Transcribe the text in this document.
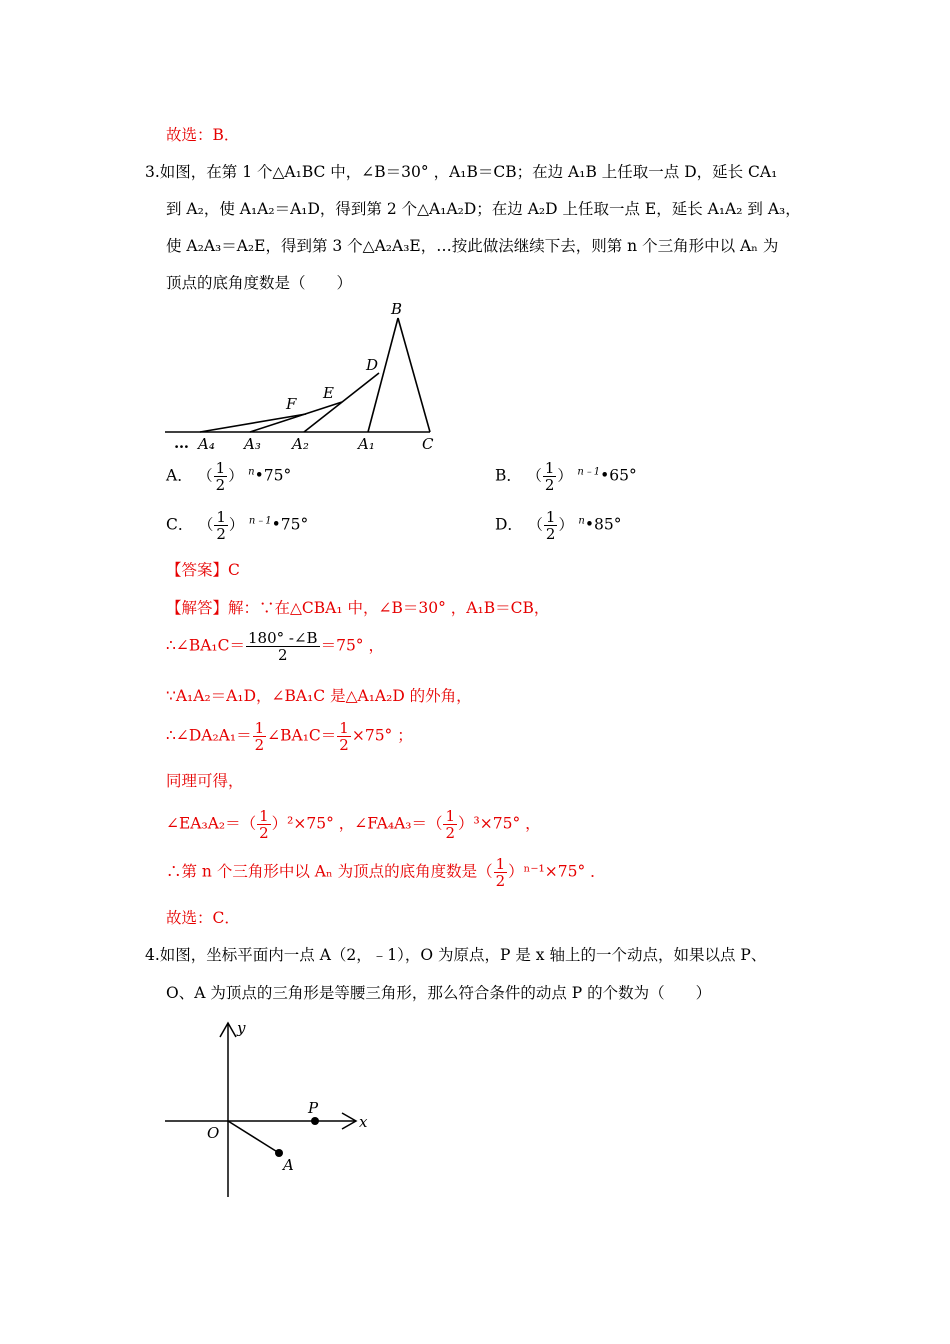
故选：B．
3.如图，在第 1 个△A₁BC 中，∠B＝30° ，A₁B＝CB；在边 A₁B 上任取一点 D，延长 CA₁
到 A₂，使 A₁A₂＝A₁D，得到第 2 个△A₁A₂D；在边 A₂D 上任取一点 E，延长 A₁A₂ 到 A₃，
使 A₂A₃＝A₂E，得到第 3 个△A₂A₃E，…按此做法继续下去，则第 n 个三角形中以 Aₙ 为
顶点的底角度数是（　　）
B
D
E
F
… A₄ A₃ A₂	A₁	C
A． （ $\frac{1}{2}$ ） $^n$•75°	B． （ $\frac{1}{2}$ ） $^{n﹣1}$•65°
C． （ $\frac{1}{2}$ ） $^{n﹣1}$•75°	D． （ $\frac{1}{2}$ ） $^n$•85°
【答案】C
【解答】解：∵在△CBA₁ 中，∠B＝30° ，A₁B＝CB，
∴∠BA₁C＝ $\frac{180^\circ -\angle B}{2} =75^\circ$ ，
∵A₁A₂＝A₁D，∠BA₁C 是△A₁A₂D 的外角，
∴∠DA₂A₁＝ $\frac{1}{2}$ ∠BA₁C＝ $\frac{1}{2} \times 75^\circ$ ；
同理可得，
∠EA₃A₂＝（ $\frac{1}{2} )^2\times 75^\circ$ ，∠FA₄A₃＝（ $\frac{1}{2} )^3\times 75^\circ$ ，
∴第 n 个三角形中以 Aₙ 为顶点的底角度数是（ $\frac{1}{2} )^{n-1}\times 75^\circ$ ．
故选：C．
4.如图，坐标平面内一点 A（2，﹣1），O 为原点，P 是 x 轴上的一个动点，如果以点 P、
O、A 为顶点的三角形是等腰三角形，那么符合条件的动点 P 的个数为（　　）
y
x
O
P
A
